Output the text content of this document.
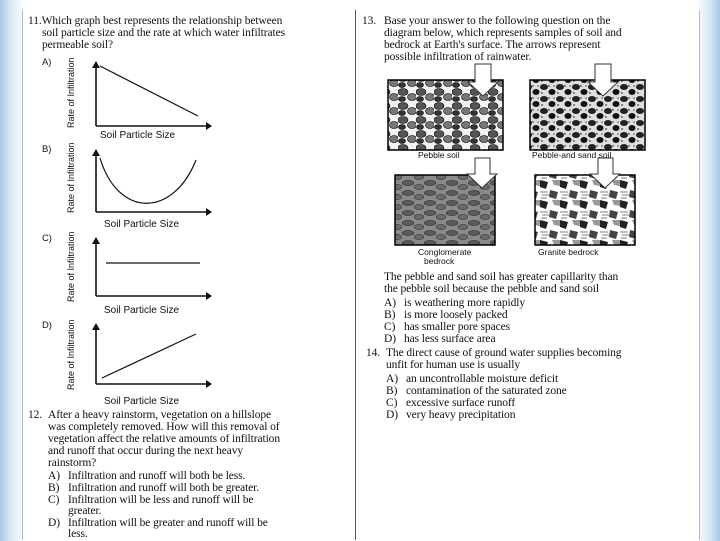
11.Which graph best represents the relationship between
soil particle size and the rate at which water infiltrates
permeable soil?
A) Rate of Infiltration
Soil Particle Size
B) Rate of Infiltration
Soil Particle Size
C) Rate of Infiltration
Soil Particle Size
D) Rate of Infiltration
Soil Particle Size
12. After a heavy rainstorm, vegetation on a hillslope
was completely removed. How will this removal of
vegetation affect the relative amounts of infiltration
and runoff that occur during the next heavy
rainstorm?
A) Infiltration and runoff will both be less.
B) Infiltration and runoff will both be greater.
C) Infiltration will be less and runoff will be
greater.
D) Infiltration will be greater and runoff will be
less.
13. Base your answer to the following question on the
diagram below, which represents samples of soil and
bedrock at Earth's surface. The arrows represent
possible infiltration of rainwater.
Pebble soil	Pebble-and sand soil
Conglomerate
bedrock
Granite bedrock
The pebble and sand soil has greater capillarity than
the pebble soil because the pebble and sand soil
A) is weathering more rapidly
B) is more loosely packed
C) has smaller pore spaces
D) has less surface area
14. The direct cause of ground water supplies becoming
unfit for human use is usually
A) an uncontrollable moisture deficit
B) contamination of the saturated zone
C) excessive surface runoff
D) very heavy precipitation
